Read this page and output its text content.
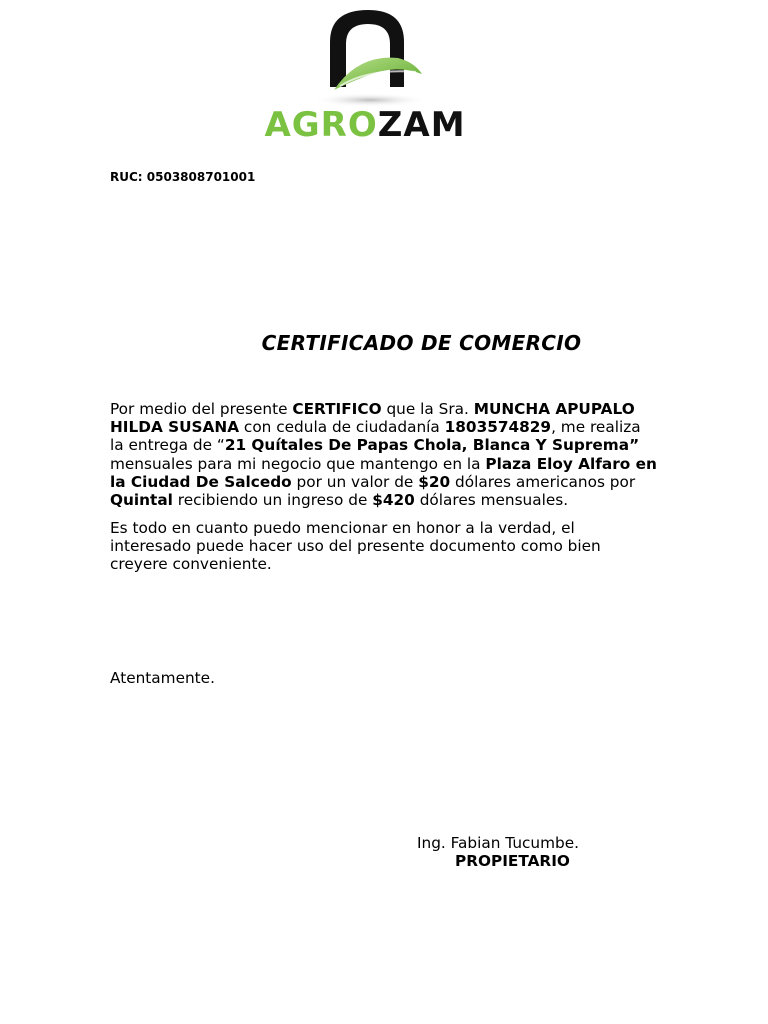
AGROZAM
RUC: 0503808701001
CERTIFICADO DE COMERCIO

Por medio del presente CERTIFICO que la Sra. MUNCHA APUPALO HILDA SUSANA con cedula de ciudadanía 1803574829, me realiza la entrega de “21 Quítales De Papas Chola, Blanca Y Suprema” mensuales para mi negocio que mantengo en la Plaza Eloy Alfaro en la Ciudad De Salcedo por un valor de $20 dólares americanos por Quintal recibiendo un ingreso de $420 dólares mensuales.

Es todo en cuanto puedo mencionar en honor a la verdad, el interesado puede hacer uso del presente documento como bien creyere conveniente.

Atentamente.
Ing. Fabian Tucumbe.
PROPIETARIO
